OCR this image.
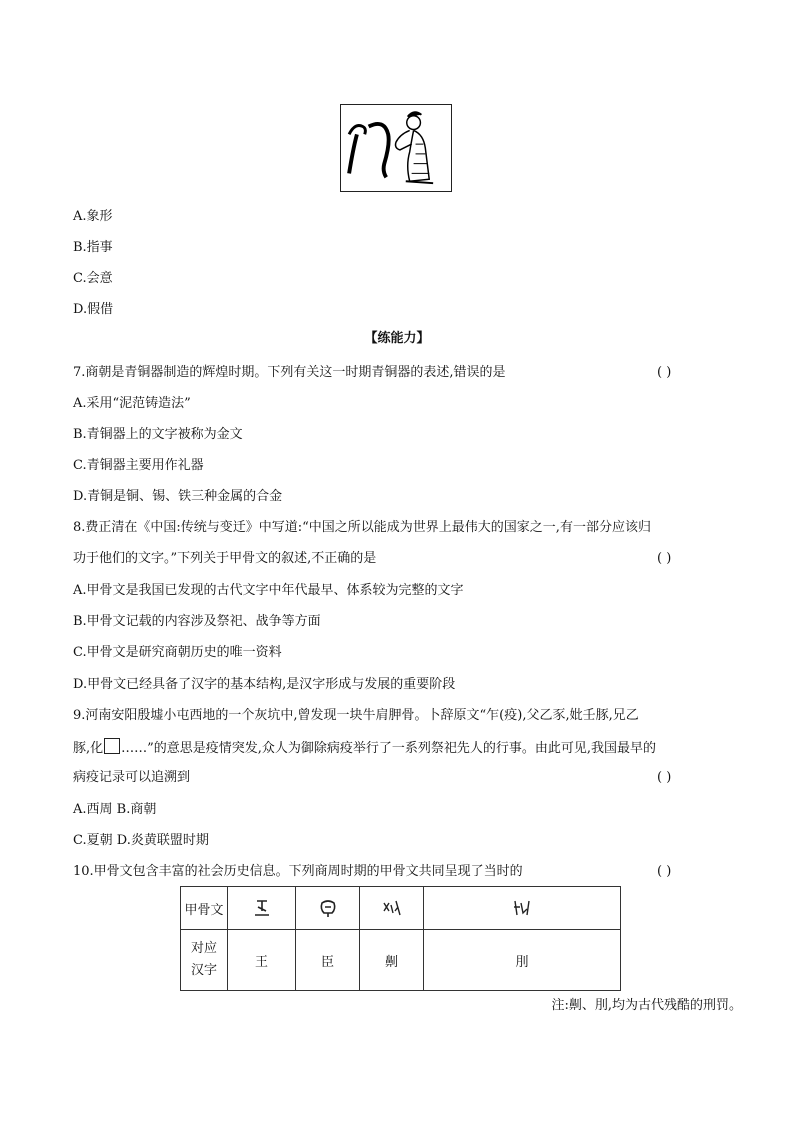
A.象形
B.指事
C.会意
D.假借
【练能力】
7.商朝是青铜器制造的辉煌时期。下列有关这一时期青铜器的表述,错误的是	( )
A.采用“泥范铸造法”
B.青铜器上的文字被称为金文
C.青铜器主要用作礼器
D.青铜是铜、锡、铁三种金属的合金
8.费正清在《中国:传统与变迁》中写道:“中国之所以能成为世界上最伟大的国家之一,有一部分应该归
功于他们的文字。”下列关于甲骨文的叙述,不正确的是	( )
A.甲骨文是我国已发现的古代文字中年代最早、体系较为完整的文字
B.甲骨文记载的内容涉及祭祀、战争等方面
C.甲骨文是研究商朝历史的唯一资料
D.甲骨文已经具备了汉字的基本结构,是汉字形成与发展的重要阶段
9.河南安阳殷墟小屯西地的一个灰坑中,曾发现一块牛肩胛骨。卜辞原文“乍(疫),父乙豕,妣壬豚,兄乙
豚,化 ……”的意思是疫情突发,众人为御除病疫举行了一系列祭祀先人的行事。由此可见,我国最早的
病疫记录可以追溯到	( )
A.西周 B.商朝
C.夏朝 D.炎黄联盟时期
10.甲骨文包含丰富的社会历史信息。下列商周时期的甲骨文共同呈现了当时的	( )
甲骨文	

对应
汉字	王	臣	劓	刖
注:劓、刖,均为古代残酷的刑罚。
